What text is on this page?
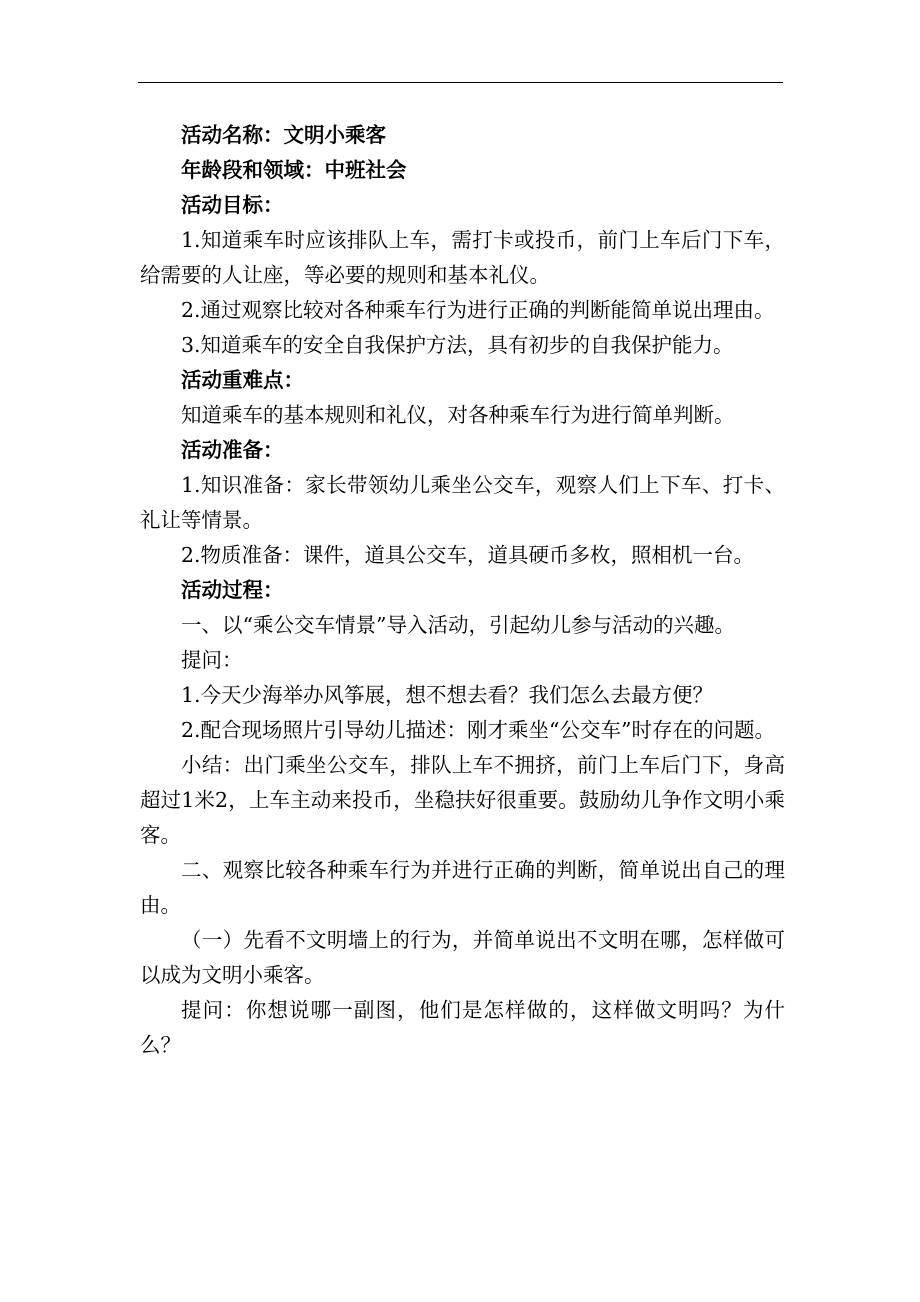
活动名称：文明小乘客

年龄段和领域：中班社会

活动目标：

1.知道乘车时应该排队上车，需打卡或投币，前门上车后门下车，给需要的人让座，等必要的规则和基本礼仪。

2.通过观察比较对各种乘车行为进行正确的判断能简单说出理由。

3.知道乘车的安全自我保护方法，具有初步的自我保护能力。

活动重难点：

知道乘车的基本规则和礼仪，对各种乘车行为进行简单判断。

活动准备：

1.知识准备：家长带领幼儿乘坐公交车，观察人们上下车、打卡、礼让等情景。

2.物质准备：课件，道具公交车，道具硬币多枚，照相机一台。

活动过程：

一、以“乘公交车情景”导入活动，引起幼儿参与活动的兴趣。

提问：

1.今天少海举办风筝展，想不想去看？我们怎么去最方便？

2.配合现场照片引导幼儿描述：刚才乘坐“公交车”时存在的问题。

小结：出门乘坐公交车，排队上车不拥挤，前门上车后门下，身高超过1米2，上车主动来投币，坐稳扶好很重要。鼓励幼儿争作文明小乘客。

二、观察比较各种乘车行为并进行正确的判断，简单说出自己的理由。

（一）先看不文明墙上的行为，并简单说出不文明在哪，怎样做可以成为文明小乘客。

提问：你想说哪一副图，他们是怎样做的，这样做文明吗？为什么？
